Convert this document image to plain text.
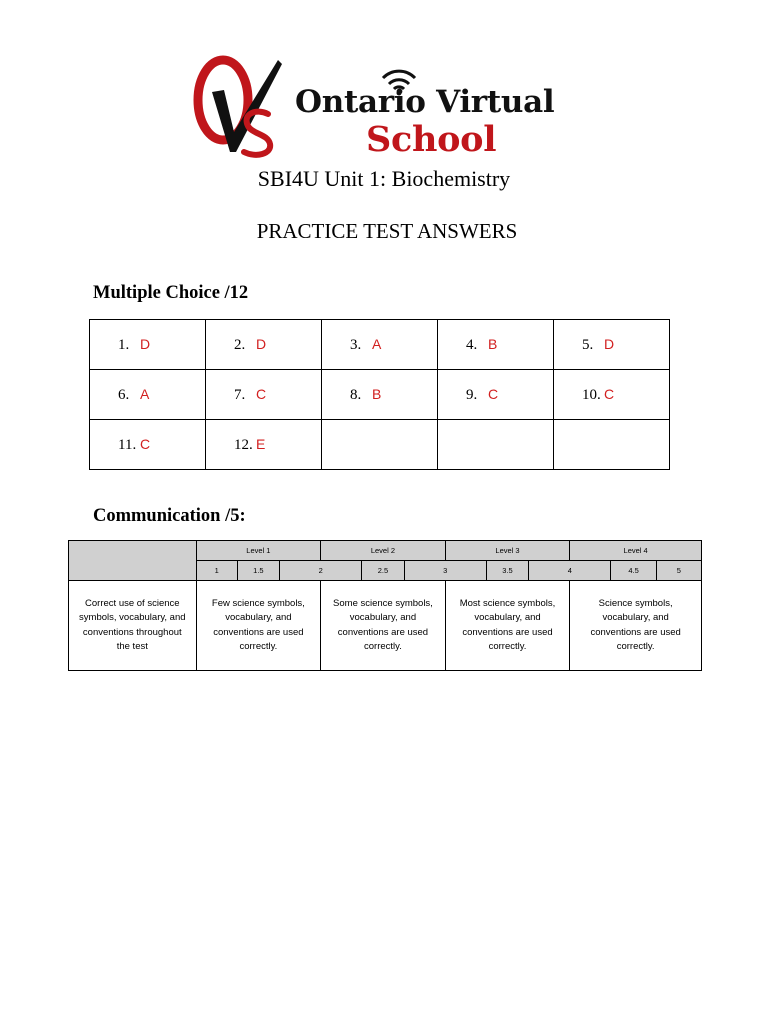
Ontario Virtual
School
SBI4U Unit 1: Biochemistry
PRACTICE TEST ANSWERS
Multiple Choice /12
1. D	2. D	3. A	4. B	5. D
6. A	7. C	8. B	9. C	10. C
11. C	12. E			
Communication /5:
	Level 1			Level 2			Level 3			Level 4		
	1	1.5	2		2.5	3		3.5	4		4.5	5
Correct use of science symbols, vocabulary, and conventions throughout the test	Few science symbols, vocabulary, and conventions are used correctly.			Some science symbols, vocabulary, and conventions are used correctly.			Most science symbols, vocabulary, and conventions are used correctly.			Science symbols, vocabulary, and conventions are used correctly.		
